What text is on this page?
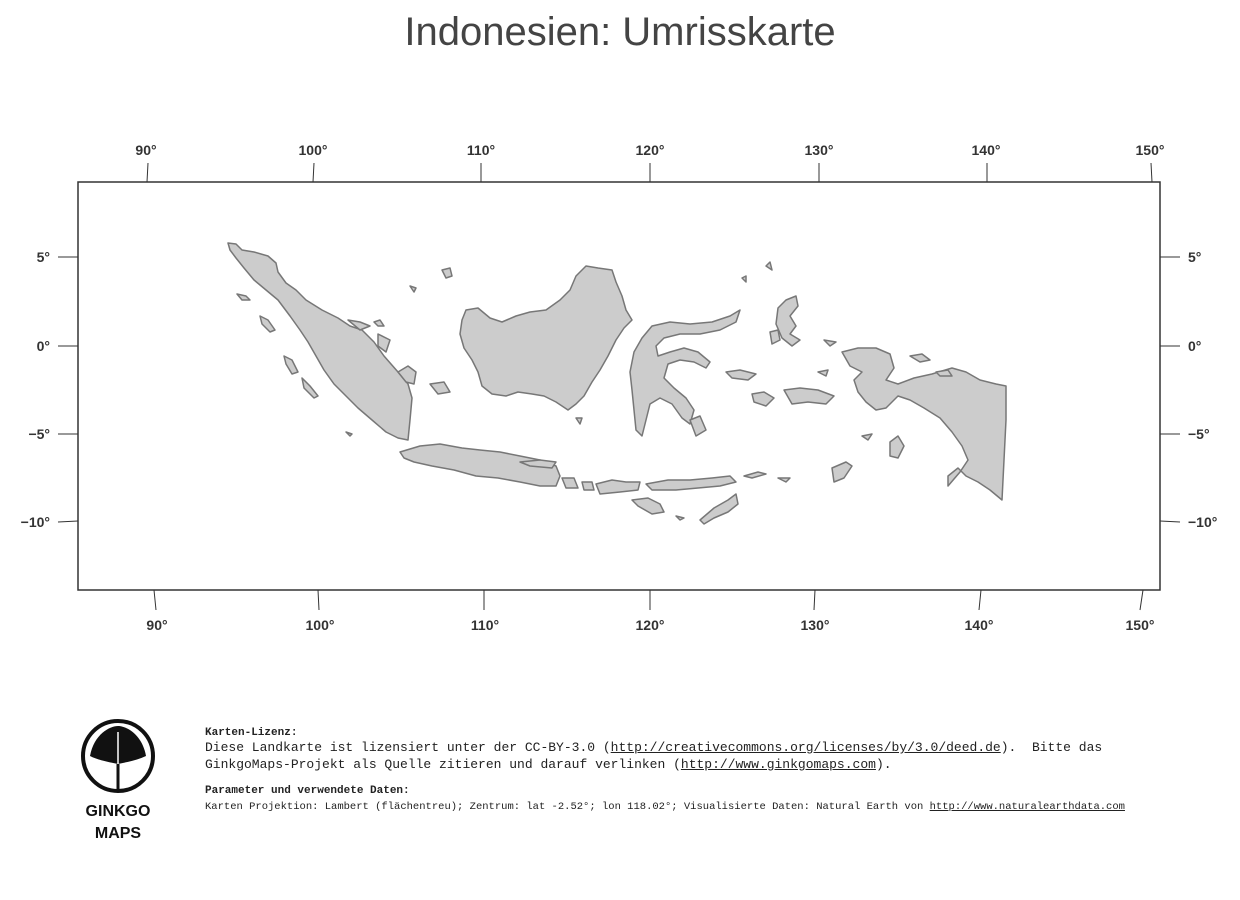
Indonesien: Umrisskarte
90°	100°	110°	120°	130°	140°	150°
90°	100°	110°	120°	130°	140°	150°
5°
0°
−5°
−10°
5°
0°
−5°
−10°
GINKGO
MAPS
Karten-Lizenz:
Diese Landkarte ist lizensiert unter der CC-BY-3.0 (http://creativecommons.org/licenses/by/3.0/deed.de).  Bitte das
GinkgoMaps-Projekt als Quelle zitieren und darauf verlinken (http://www.ginkgomaps.com).
Parameter und verwendete Daten:
Karten Projektion: Lambert (flächentreu); Zentrum: lat -2.52°; lon 118.02°; Visualisierte Daten: Natural Earth von http://www.naturalearthdata.com
